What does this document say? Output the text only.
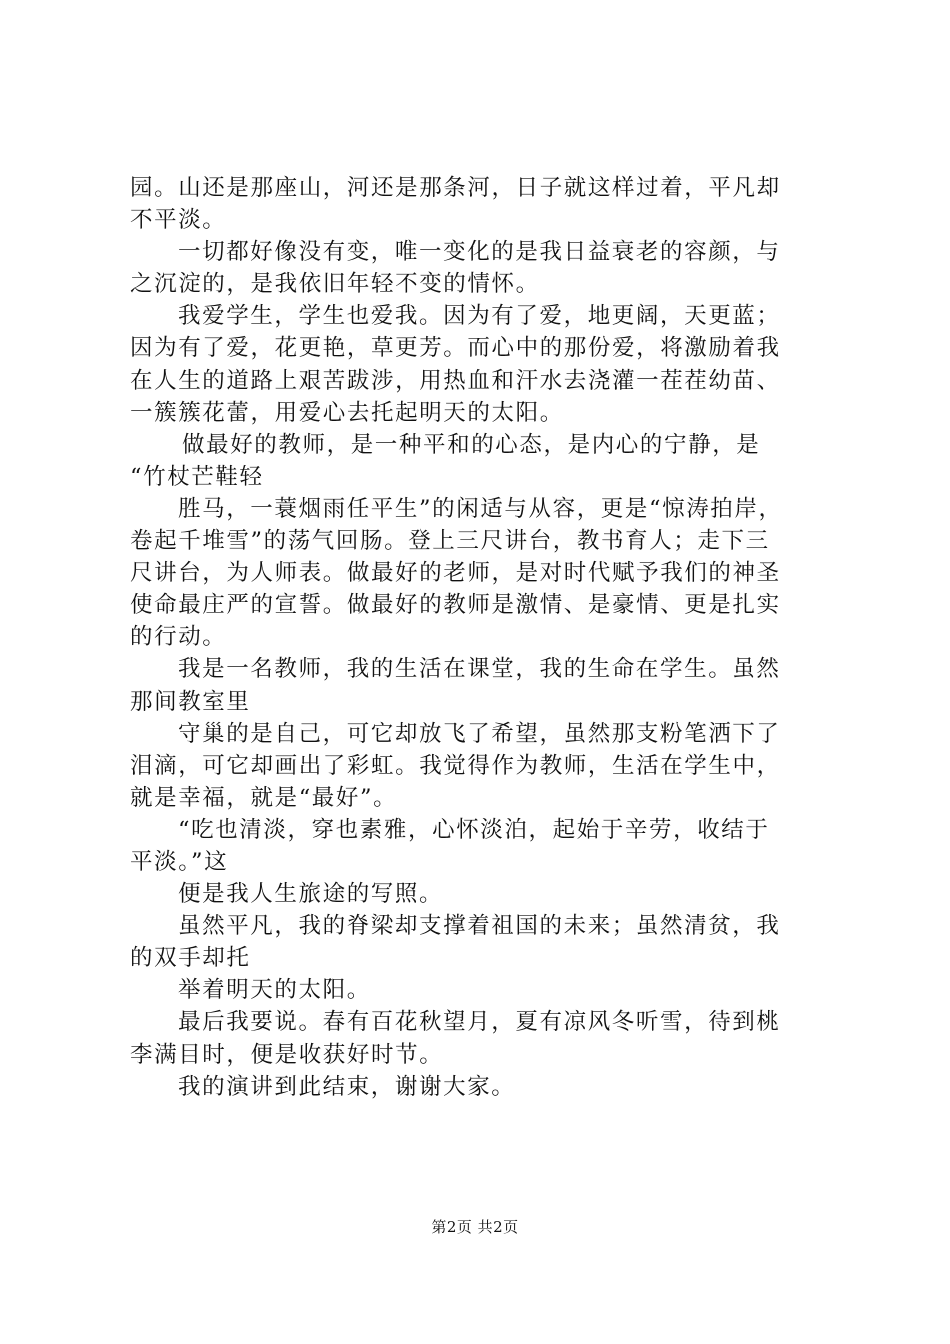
园。山还是那座山，河还是那条河，日子就这样过着，平凡却
不平淡。
一切都好像没有变，唯一变化的是我日益衰老的容颜，与
之沉淀的，是我依旧年轻不变的情怀。
我爱学生，学生也爱我。因为有了爱，地更阔，天更蓝；
因为有了爱，花更艳，草更芳。而心中的那份爱，将激励着我
在人生的道路上艰苦跋涉，用热血和汗水去浇灌一茬茬幼苗、
一簇簇花蕾，用爱心去托起明天的太阳。
做最好的教师，是一种平和的心态，是内心的宁静，是
“竹杖芒鞋轻
胜马，一蓑烟雨任平生”的闲适与从容，更是“惊涛拍岸，
卷起千堆雪”的荡气回肠。登上三尺讲台，教书育人；走下三
尺讲台，为人师表。做最好的老师，是对时代赋予我们的神圣
使命最庄严的宣誓。做最好的教师是激情、是豪情、更是扎实
的行动。
我是一名教师，我的生活在课堂，我的生命在学生。虽然
那间教室里
守巢的是自己，可它却放飞了希望，虽然那支粉笔洒下了
泪滴，可它却画出了彩虹。我觉得作为教师，生活在学生中，
就是幸福，就是“最好”。
“吃也清淡，穿也素雅，心怀淡泊，起始于辛劳，收结于
平淡。”这
便是我人生旅途的写照。
虽然平凡，我的脊梁却支撑着祖国的未来；虽然清贫，我
的双手却托
举着明天的太阳。
最后我要说。春有百花秋望月，夏有凉风冬听雪，待到桃
李满目时，便是收获好时节。
我的演讲到此结束，谢谢大家。
第2页 共2页
